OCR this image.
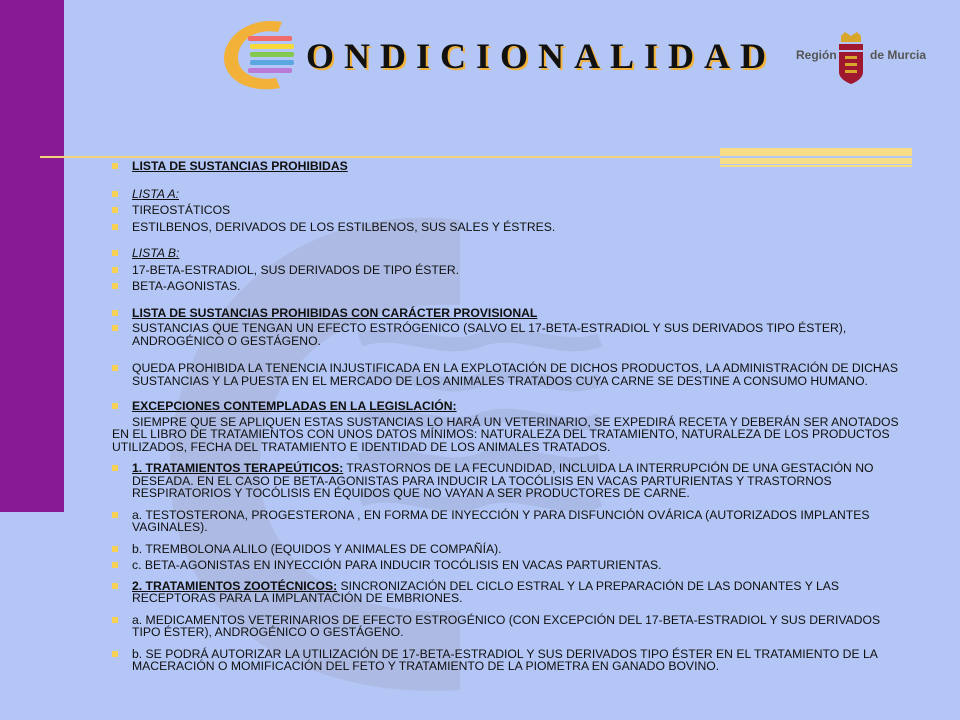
ONDICIONALIDAD Región	de Murcia
LISTA DE SUSTANCIAS PROHIBIDAS
LISTA A:
TIREOSTÁTICOS
ESTILBENOS, DERIVADOS DE LOS ESTILBENOS, SUS SALES Y ÉSTRES.
LISTA B:
17-BETA-ESTRADIOL, SUS DERIVADOS DE TIPO ÉSTER.
BETA-AGONISTAS.
LISTA DE SUSTANCIAS PROHIBIDAS CON CARÁCTER PROVISIONAL
SUSTANCIAS QUE TENGAN UN EFECTO ESTRÓGENICO (SALVO EL 17-BETA-ESTRADIOL Y SUS DERIVADOS TIPO ÉSTER), ANDROGÉNICO O GESTÁGENO.
QUEDA PROHIBIDA LA TENENCIA INJUSTIFICADA EN LA EXPLOTACIÓN DE DICHOS PRODUCTOS, LA ADMINISTRACIÓN DE DICHAS SUSTANCIAS Y LA PUESTA EN EL MERCADO DE LOS ANIMALES TRATADOS CUYA CARNE SE DESTINE A CONSUMO HUMANO.
EXCEPCIONES CONTEMPLADAS EN LA LEGISLACIÓN:
SIEMPRE QUE SE APLIQUEN ESTAS SUSTANCIAS LO HARÁ UN VETERINARIO, SE EXPEDIRÁ RECETA Y DEBERÁN SER ANOTADOS EN EL LIBRO DE TRATAMIENTOS CON UNOS DATOS MÍNIMOS: NATURALEZA DEL TRATAMIENTO, NATURALEZA DE LOS PRODUCTOS UTILIZADOS, FECHA DEL TRATAMIENTO E IDENTIDAD DE LOS ANIMALES TRATADOS.
1. TRATAMIENTOS TERAPEÚTICOS: TRASTORNOS DE LA FECUNDIDAD, INCLUIDA LA INTERRUPCIÓN DE UNA GESTACIÓN NO DESEADA. EN EL CASO DE BETA-AGONISTAS PARA INDUCIR LA TOCÓLISIS EN VACAS PARTURIENTAS Y TRASTORNOS RESPIRATORIOS Y TOCÓLISIS EN ÉQUIDOS QUE NO VAYAN A SER PRODUCTORES DE CARNE.
a. TESTOSTERONA, PROGESTERONA , EN FORMA DE INYECCIÓN Y PARA DISFUNCIÓN OVÁRICA (AUTORIZADOS IMPLANTES VAGINALES).
b. TREMBOLONA ALILO (EQUIDOS Y ANIMALES DE COMPAÑÍA).
c. BETA-AGONISTAS EN INYECCIÓN PARA INDUCIR TOCÓLISIS EN VACAS PARTURIENTAS.
2. TRATAMIENTOS ZOOTÉCNICOS: SINCRONIZACIÓN DEL CICLO ESTRAL Y LA PREPARACIÓN DE LAS DONANTES Y LAS RECEPTORAS PARA LA IMPLANTACIÓN DE EMBRIONES.
a. MEDICAMENTOS VETERINARIOS DE EFECTO ESTROGÉNICO (CON EXCEPCIÓN DEL 17-BETA-ESTRADIOL Y SUS DERIVADOS TIPO ÉSTER), ANDROGÉNICO O GESTÁGENO.
b. SE PODRÁ AUTORIZAR LA UTILIZACIÓN DE 17-BETA-ESTRADIOL Y SUS DERIVADOS TIPO ÉSTER EN EL TRATAMIENTO DE LA MACERACIÓN O MOMIFICACIÓN DEL FETO Y TRATAMIENTO DE LA PIOMETRA EN GANADO BOVINO.
